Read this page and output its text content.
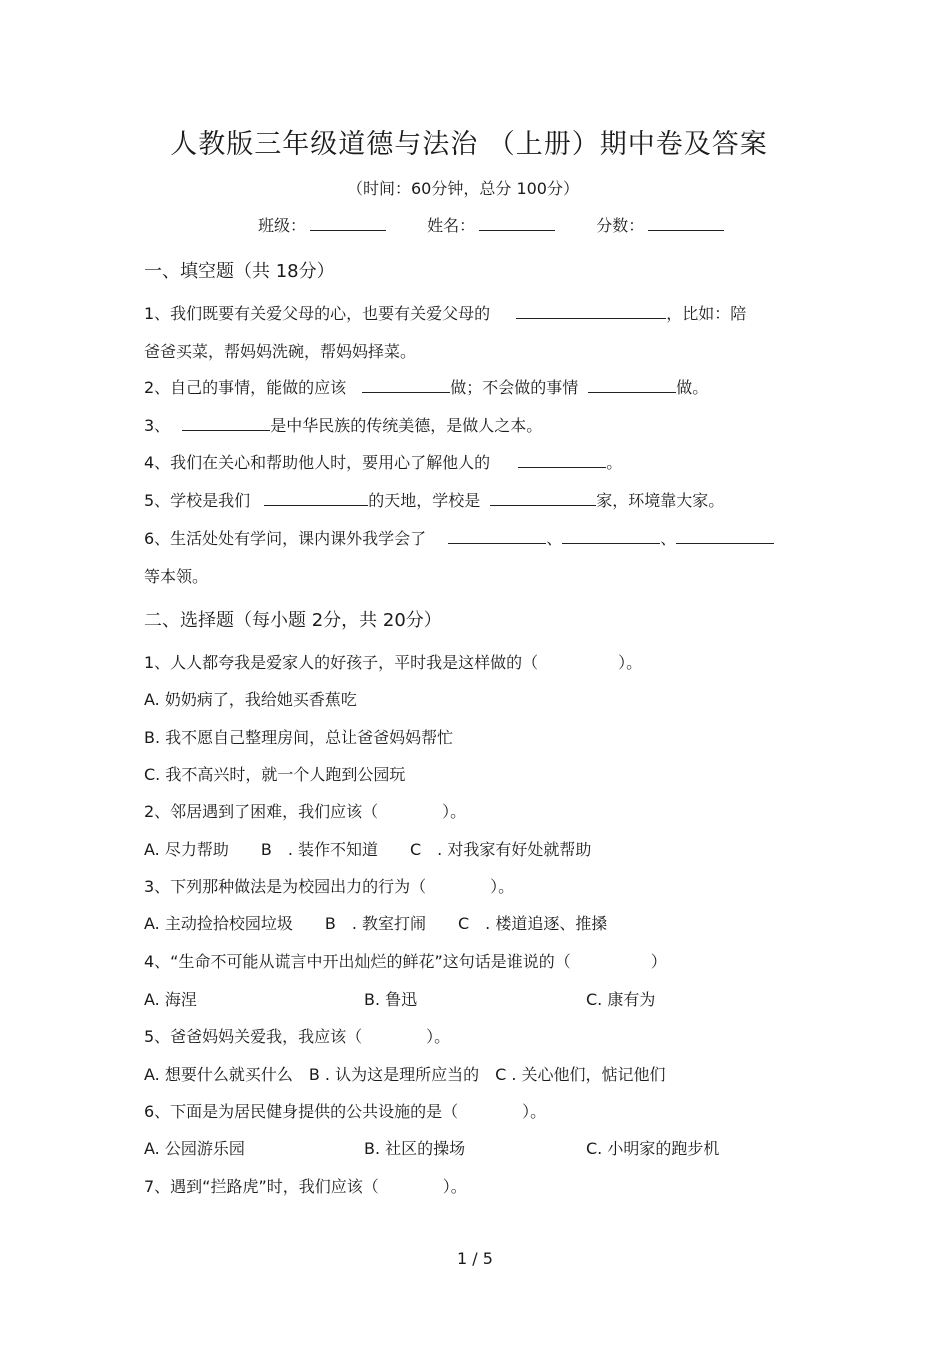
人教版三年级道德与法治 （上册）期中卷及答案
（时间：60分钟，总分 100分）
班级：	姓名：	分数：
一、填空题（共 18分）
1、我们既要有关爱父母的心，也要有关爱父母的	，比如：陪
爸爸买菜，帮妈妈洗碗，帮妈妈择菜。
2、自己的事情，能做的应该	做；不会做的事情	做。
3、	是中华民族的传统美德，是做人之本。
4、我们在关心和帮助他人时，要用心了解他人的	。
5、学校是我们	的天地，学校是	家，环境靠大家。
6、生活处处有学问，课内课外我学会了	、	、
等本领。
二、选择题（每小题 2分，共 20分）
1、人人都夸我是爱家人的好孩子，平时我是这样做的（　　　　　）。
A. 奶奶病了，我给她买香蕉吃
B. 我不愿自己整理房间，总让爸爸妈妈帮忙
C. 我不高兴时，就一个人跑到公园玩
2、邻居遇到了困难，我们应该（　　　　）。
A. 尽力帮助　　B　. 装作不知道　　C　. 对我家有好处就帮助
3、下列那种做法是为校园出力的行为（　　　　）。
A. 主动捡拾校园垃圾　　B　. 教室打闹　　C　. 楼道追逐、推搡
4、“生命不可能从谎言中开出灿烂的鲜花”这句话是谁说的（　　　　　）
A. 海涅	B. 鲁迅	C. 康有为
5、爸爸妈妈关爱我，我应该（　　　　）。
A. 想要什么就买什么　B . 认为这是理所应当的　C . 关心他们，惦记他们
6、下面是为居民健身提供的公共设施的是（　　　　）。
A. 公园游乐园	B. 社区的操场	C. 小明家的跑步机
7、遇到“拦路虎”时，我们应该（　　　　）。
1 / 5
